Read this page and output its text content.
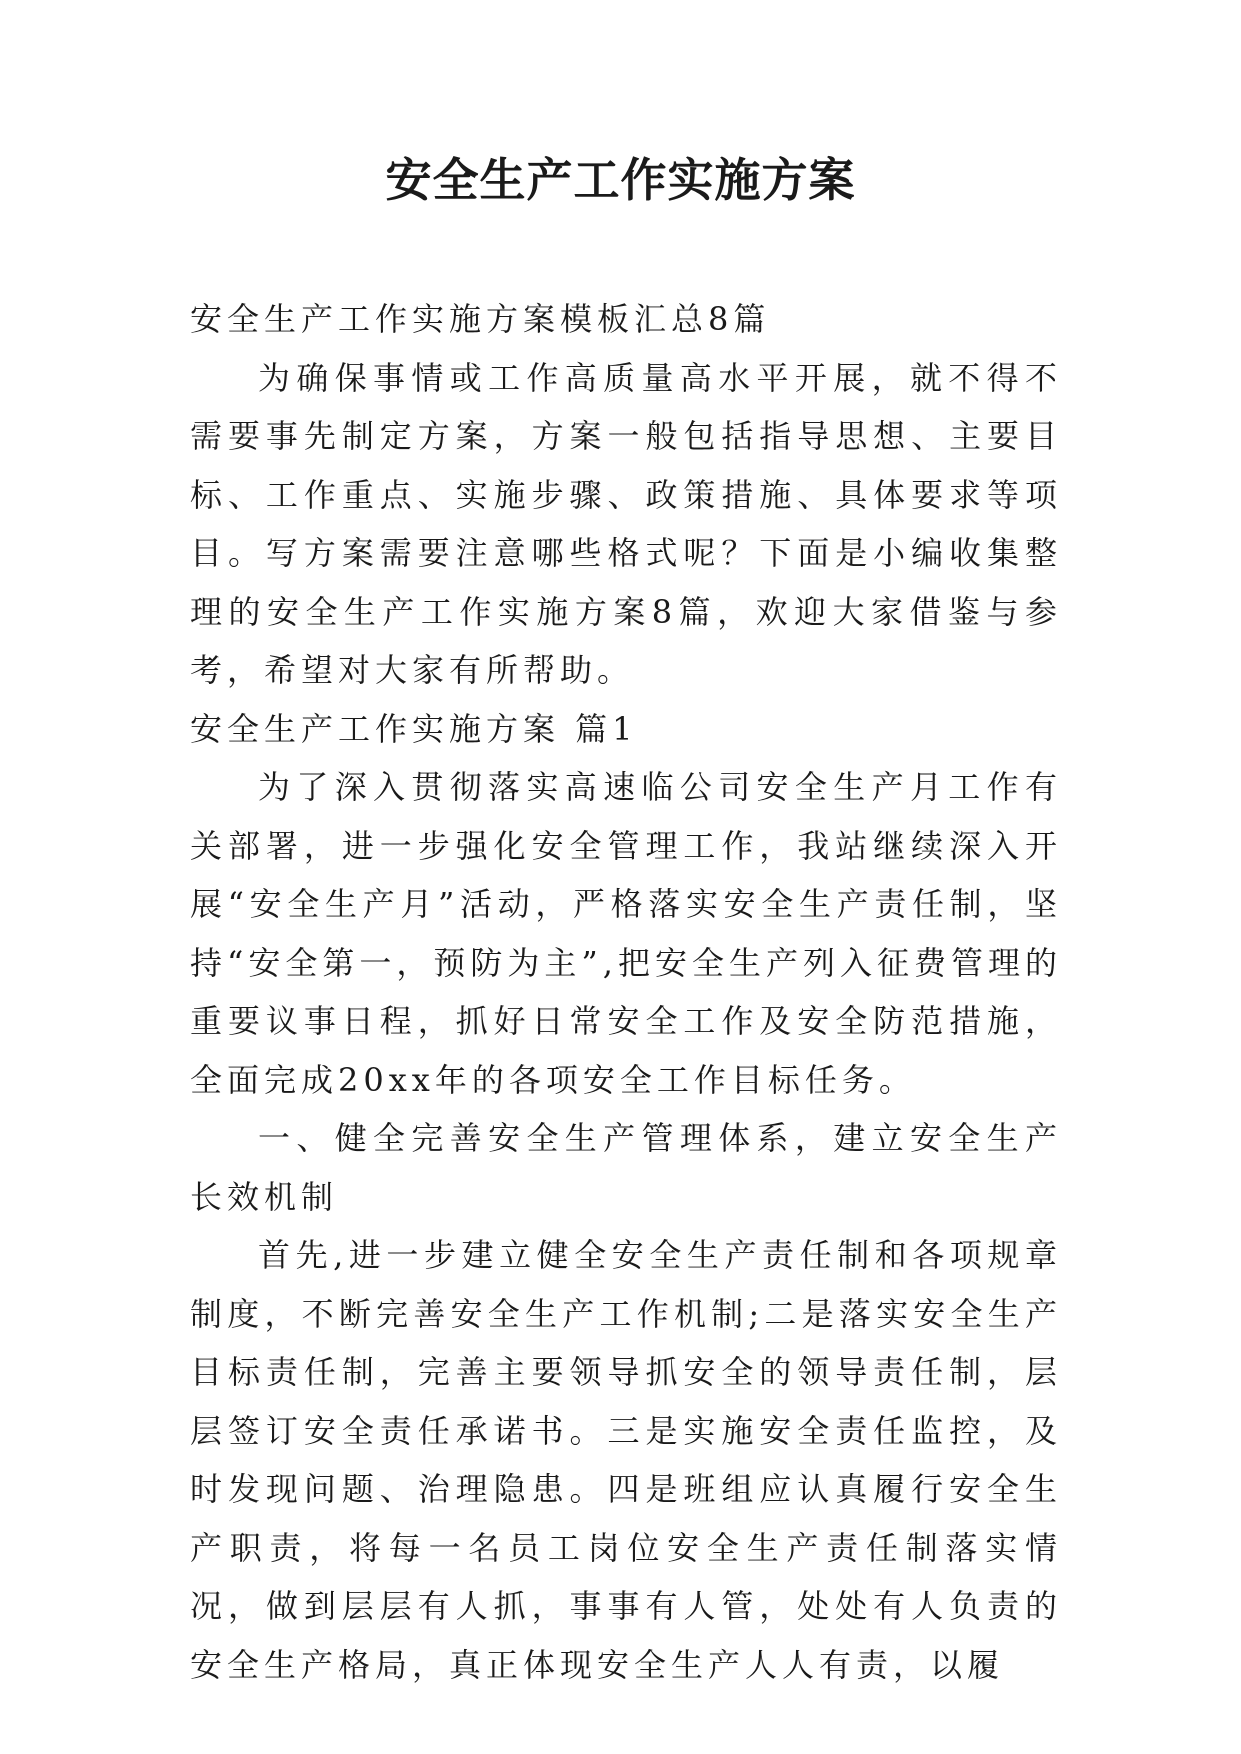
安全生产工作实施方案

安全生产工作实施方案模板汇总8篇

为确保事情或工作高质量高水平开展，就不得不需要事先制定方案，方案一般包括指导思想、主要目标、工作重点、实施步骤、政策措施、具体要求等项目。写方案需要注意哪些格式呢？下面是小编收集整理的安全生产工作实施方案8篇，欢迎大家借鉴与参考，希望对大家有所帮助。

安全生产工作实施方案 篇1

为了深入贯彻落实高速临公司安全生产月工作有关部署，进一步强化安全管理工作，我站继续深入开展“安全生产月”活动，严格落实安全生产责任制，坚持“安全第一，预防为主”,把安全生产列入征费管理的重要议事日程，抓好日常安全工作及安全防范措施，全面完成20xx年的各项安全工作目标任务。

一、健全完善安全生产管理体系，建立安全生产长效机制

首先,进一步建立健全安全生产责任制和各项规章制度，不断完善安全生产工作机制;二是落实安全生产目标责任制，完善主要领导抓安全的领导责任制，层层签订安全责任承诺书。三是实施安全责任监控，及时发现问题、治理隐患。四是班组应认真履行安全生产职责，将每一名员工岗位安全生产责任制落实情况，做到层层有人抓，事事有人管，处处有人负责的安全生产格局，真正体现安全生产人人有责，以履
